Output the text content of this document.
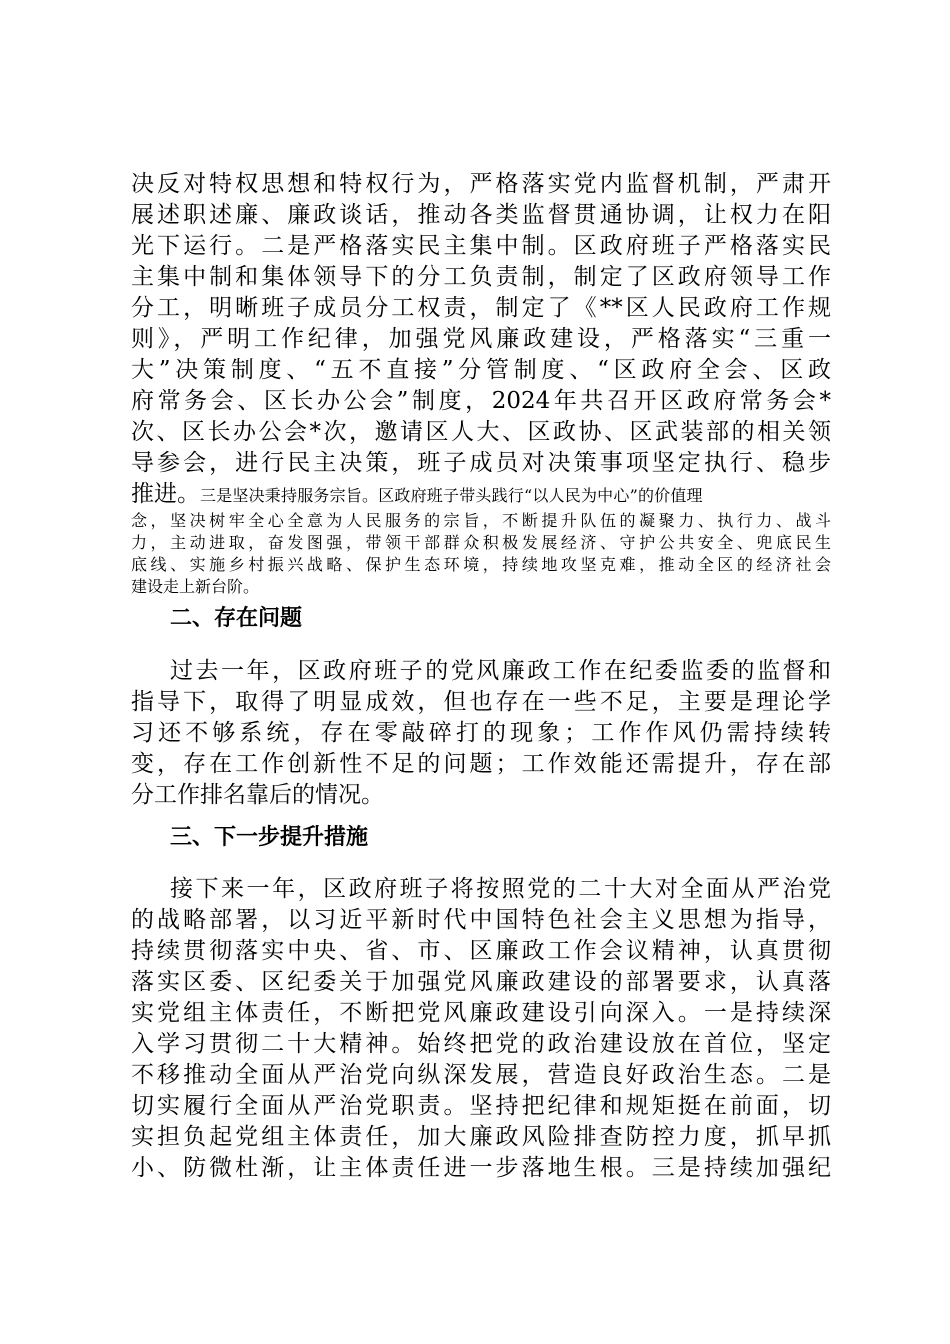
决反对特权思想和特权行为，严格落实党内监督机制，严肃开
展述职述廉、廉政谈话，推动各类监督贯通协调，让权力在阳
光下运行。二是严格落实民主集中制。区政府班子严格落实民
主集中制和集体领导下的分工负责制，制定了区政府领导工作
分工，明晰班子成员分工权责，制定了《**区人民政府工作规
则》，严明工作纪律，加强党风廉政建设，严格落实“三重一
大”决策制度、“五不直接”分管制度、“区政府全会、区政
府常务会、区长办公会”制度，2024年共召开区政府常务会*
次、区长办公会*次，邀请区人大、区政协、区武装部的相关领
导参会，进行民主决策，班子成员对决策事项坚定执行、稳步
推进。三是坚决秉持服务宗旨。区政府班子带头践行“以人民为中心”的价值理
念，坚决树牢全心全意为人民服务的宗旨，不断提升队伍的凝聚力、执行力、战斗
力，主动进取，奋发图强，带领干部群众积极发展经济、守护公共安全、兜底民生
底线、实施乡村振兴战略、保护生态环境，持续地攻坚克难，推动全区的经济社会
建设走上新台阶。
二、存在问题
过去一年，区政府班子的党风廉政工作在纪委监委的监督和
指导下，取得了明显成效，但也存在一些不足，主要是理论学
习还不够系统，存在零敲碎打的现象；工作作风仍需持续转
变，存在工作创新性不足的问题；工作效能还需提升，存在部
分工作排名靠后的情况。
三、下一步提升措施
接下来一年，区政府班子将按照党的二十大对全面从严治党
的战略部署，以习近平新时代中国特色社会主义思想为指导，
持续贯彻落实中央、省、市、区廉政工作会议精神，认真贯彻
落实区委、区纪委关于加强党风廉政建设的部署要求，认真落
实党组主体责任，不断把党风廉政建设引向深入。一是持续深
入学习贯彻二十大精神。始终把党的政治建设放在首位，坚定
不移推动全面从严治党向纵深发展，营造良好政治生态。二是
切实履行全面从严治党职责。坚持把纪律和规矩挺在前面，切
实担负起党组主体责任，加大廉政风险排查防控力度，抓早抓
小、防微杜渐，让主体责任进一步落地生根。三是持续加强纪
